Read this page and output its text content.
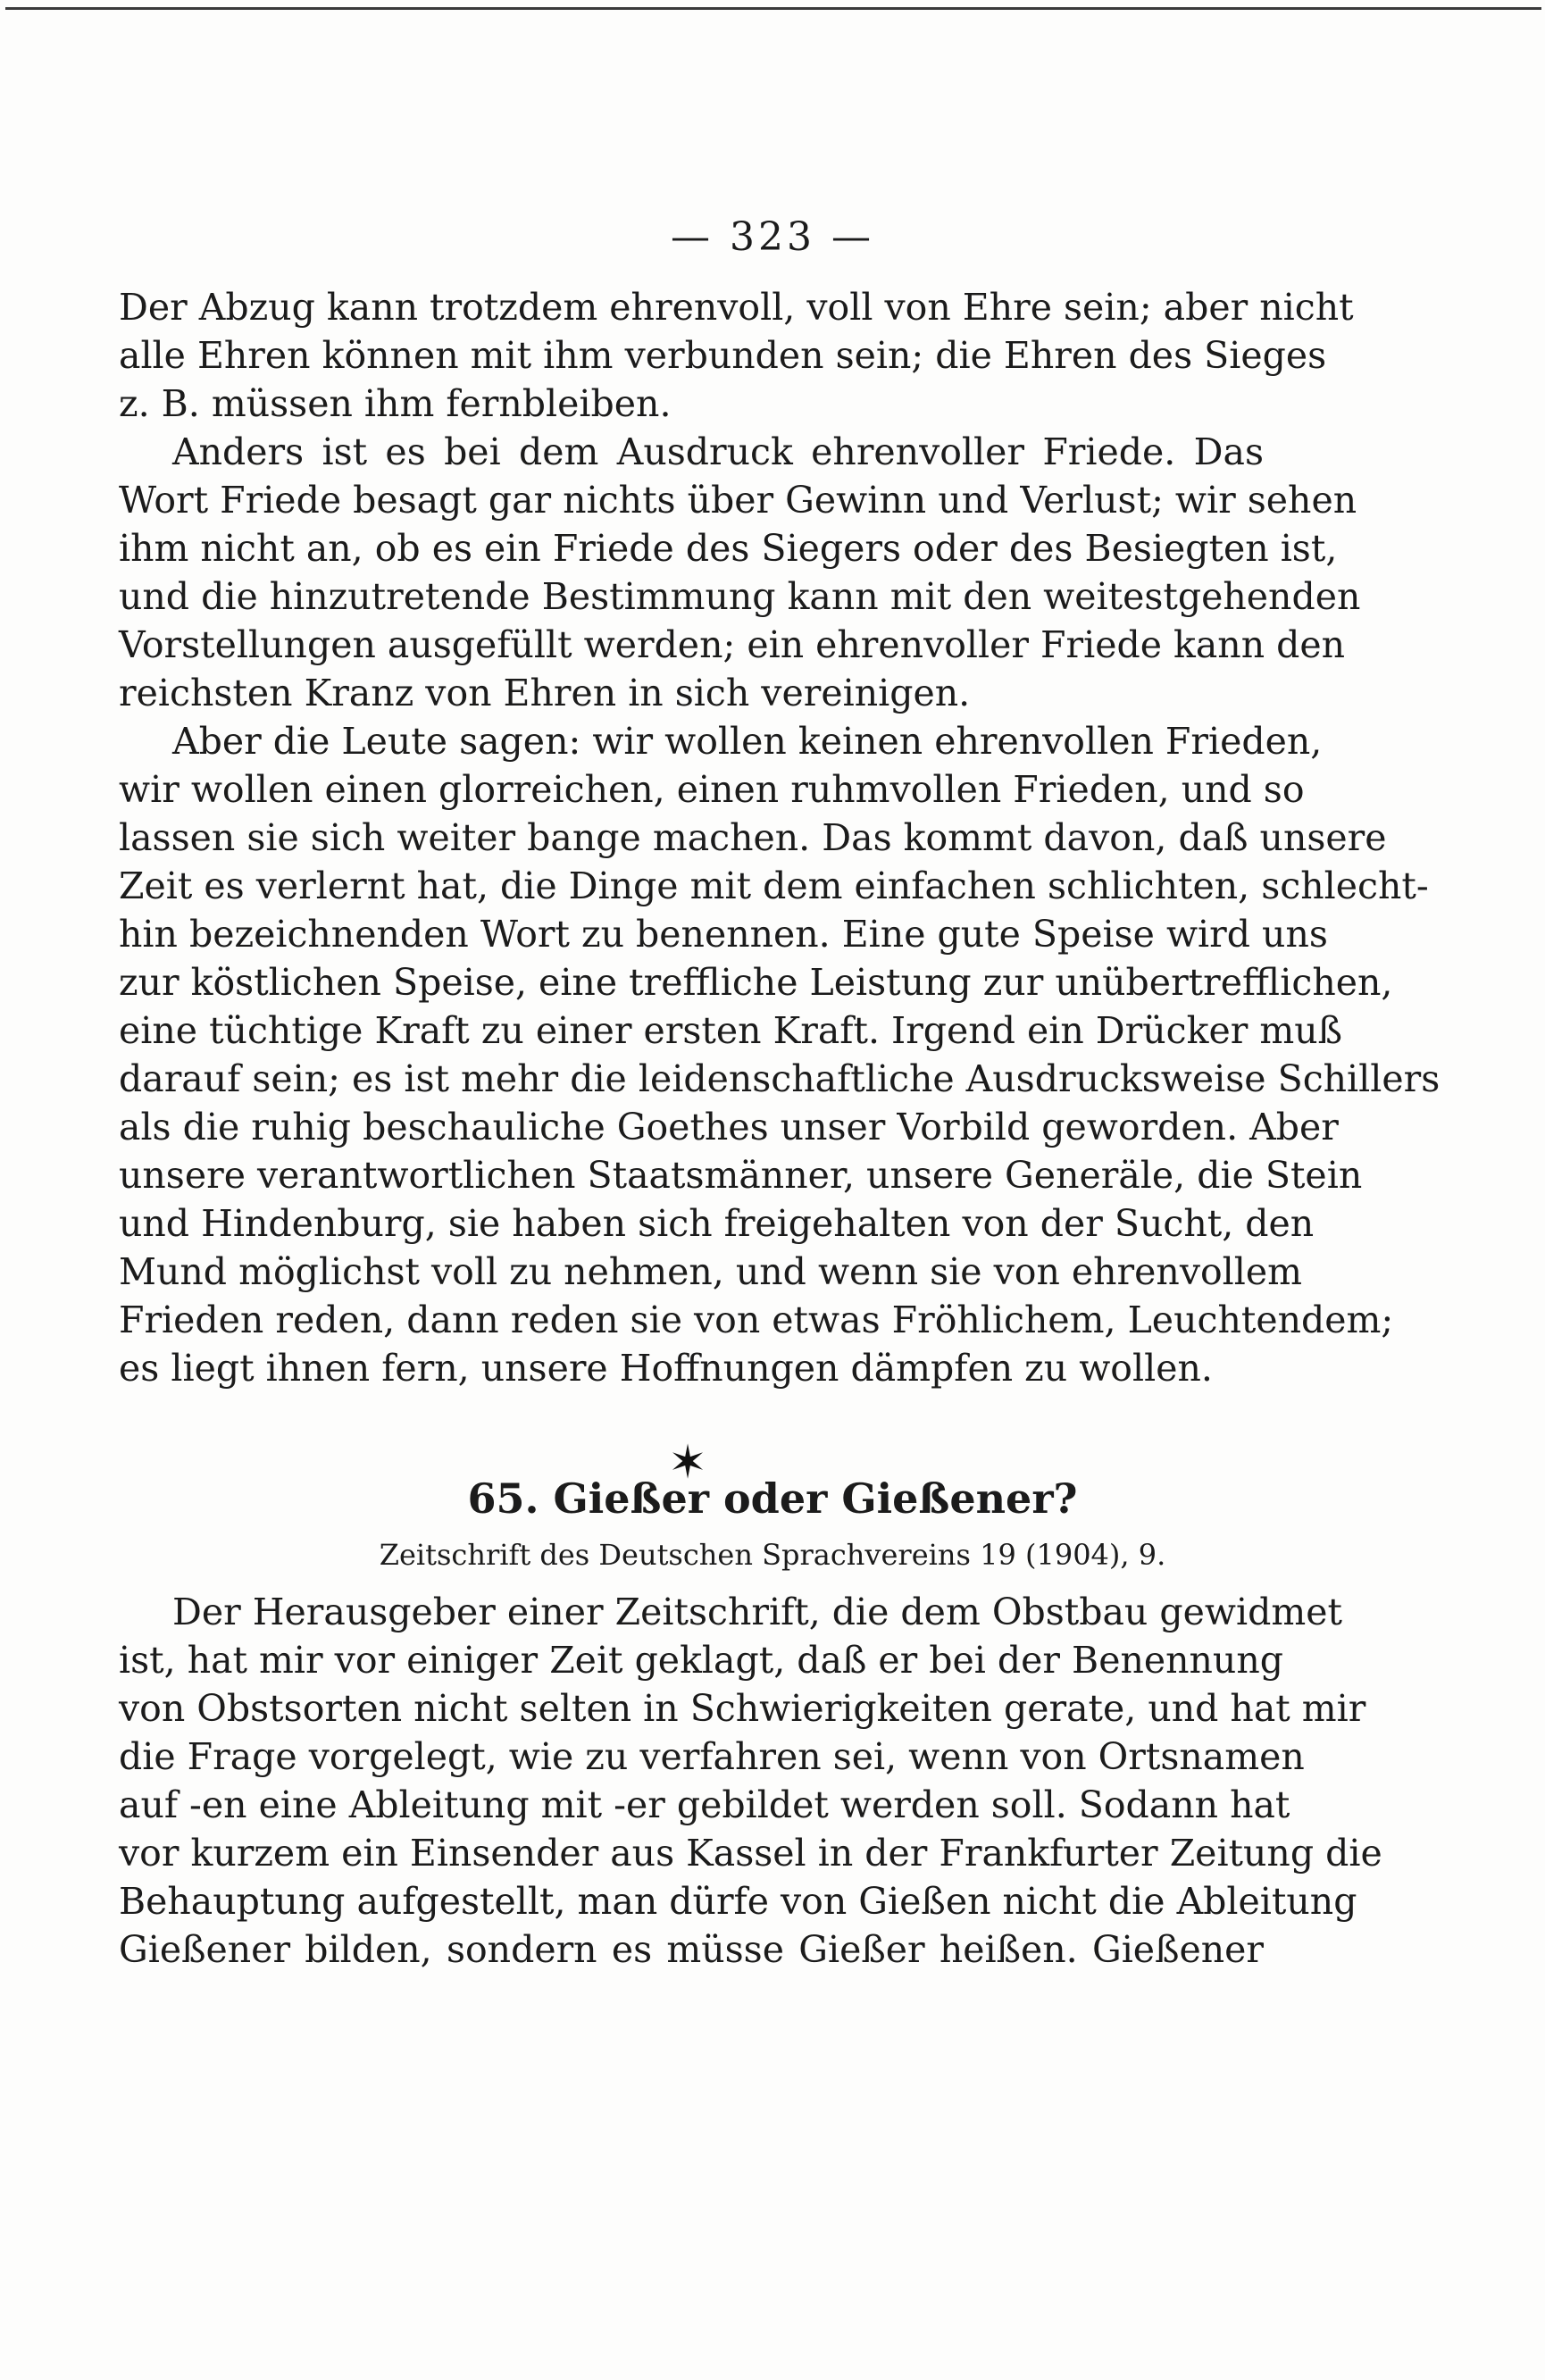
— 323 —
Der Abzug kann trotzdem ehrenvoll, voll von Ehre sein; aber nicht
alle Ehren können mit ihm verbunden sein; die Ehren des Sieges
z. B. müssen ihm fernbleiben.
Anders ist es bei dem Ausdruck ehrenvoller Friede. Das
Wort Friede besagt gar nichts über Gewinn und Verlust; wir sehen
ihm nicht an, ob es ein Friede des Siegers oder des Besiegten ist,
und die hinzutretende Bestimmung kann mit den weitestgehenden
Vorstellungen ausgefüllt werden; ein ehrenvoller Friede kann den
reichsten Kranz von Ehren in sich vereinigen.
Aber die Leute sagen: wir wollen keinen ehrenvollen Frieden,
wir wollen einen glorreichen, einen ruhmvollen Frieden, und so
lassen sie sich weiter bange machen. Das kommt davon, daß unsere
Zeit es verlernt hat, die Dinge mit dem einfachen schlichten, schlecht-
hin bezeichnenden Wort zu benennen. Eine gute Speise wird uns
zur köstlichen Speise, eine treffliche Leistung zur unübertrefflichen,
eine tüchtige Kraft zu einer ersten Kraft. Irgend ein Drücker muß
darauf sein; es ist mehr die leidenschaftliche Ausdrucksweise Schillers
als die ruhig beschauliche Goethes unser Vorbild geworden. Aber
unsere verantwortlichen Staatsmänner, unsere Generäle, die Stein
und Hindenburg, sie haben sich freigehalten von der Sucht, den
Mund möglichst voll zu nehmen, und wenn sie von ehrenvollem
Frieden reden, dann reden sie von etwas Fröhlichem, Leuchtendem;
es liegt ihnen fern, unsere Hoffnungen dämpfen zu wollen.
✶
65. Gießer oder Gießener?
Zeitschrift des Deutschen Sprachvereins 19 (1904), 9.
Der Herausgeber einer Zeitschrift, die dem Obstbau gewidmet
ist, hat mir vor einiger Zeit geklagt, daß er bei der Benennung
von Obstsorten nicht selten in Schwierigkeiten gerate, und hat mir
die Frage vorgelegt, wie zu verfahren sei, wenn von Ortsnamen
auf -en eine Ableitung mit -er gebildet werden soll. Sodann hat
vor kurzem ein Einsender aus Kassel in der Frankfurter Zeitung die
Behauptung aufgestellt, man dürfe von Gießen nicht die Ableitung
Gießener bilden, sondern es müsse Gießer heißen. Gießener
